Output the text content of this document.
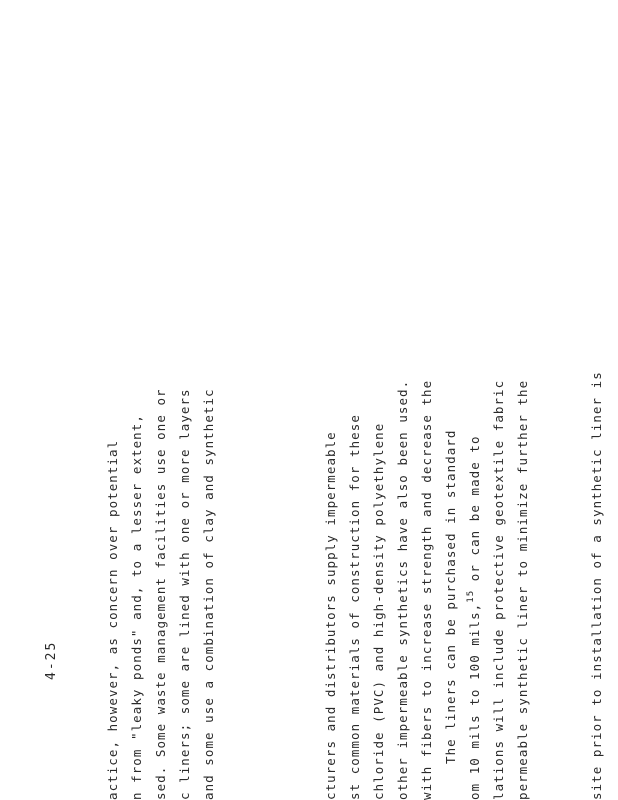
4-25	actice, however, as concern over potential n from "leaky ponds" and, to a lesser extent, sed. Some waste management facilities use one or c liners; some are lined with one or more layers and some use a combination of clay and synthetic	cturers and distributors supply impermeable st common materials of construction for these chloride (PVC) and high-density polyethylene other impermeable synthetics have also been used. with fibers to increase strength and decrease the The liners can be purchased in standard om 10 mils to 100 mils,$^{15}$ or can be made to lations will include protective geotextile fabric permeable synthetic liner to minimize further the	site prior to installation of a synthetic liner is
